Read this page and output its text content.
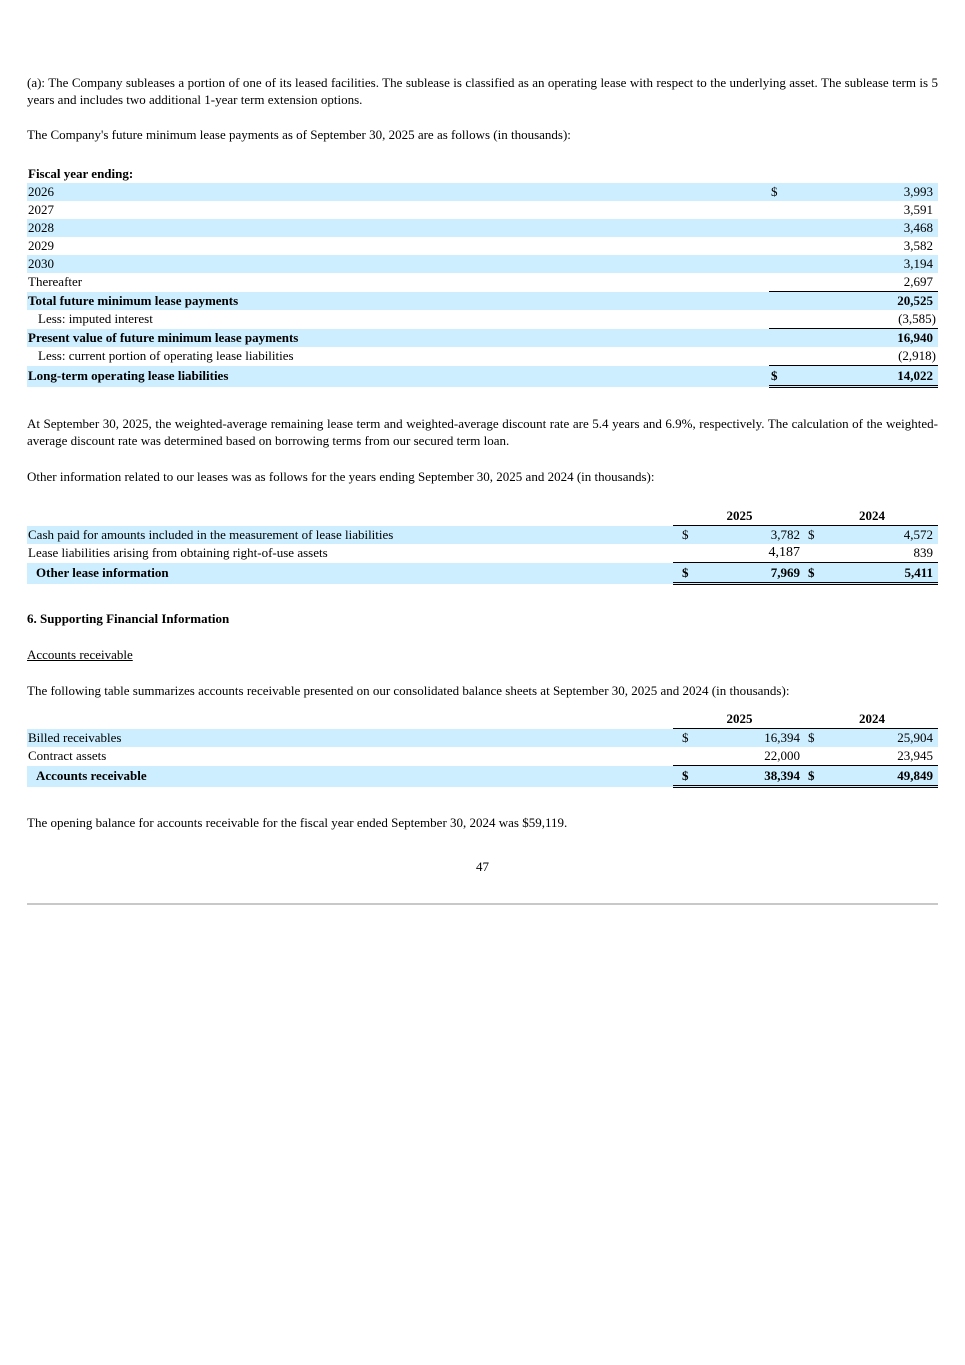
(a): The Company subleases a portion of one of its leased facilities. The sublease is classified as an operating lease with respect to the underlying asset. The sublease term is 5 years and includes two additional 1-year term extension options.

The Company's future minimum lease payments as of September 30, 2025 are as follows (in thousands):

Fiscal year ending:	
2026	$ 3,993

2027	3,591
2028	3,468
2029	3,582
2030	3,194
Thereafter	2,697
Total future minimum lease payments	20,525
Less: imputed interest	(3,585)
Present value of future minimum lease payments	16,940
Less: current portion of operating lease liabilities	(2,918)
Long-term operating lease liabilities	$ 14,022

At September 30, 2025, the weighted-average remaining lease term and weighted-average discount rate are 5.4 years and 6.9%, respectively. The calculation of the weighted-average discount rate was determined based on borrowing terms from our secured term loan.

Other information related to our leases was as follows for the years ending September 30, 2025 and 2024 (in thousands):

	2025	2024
Cash paid for amounts included in the measurement of lease liabilities	$ 3,782	$ 4,572

Lease liabilities arising from obtaining right-of-use assets	4,187	839
Other lease information	$ 7,969	$ 5,411

6. Supporting Financial Information

Accounts receivable

The following table summarizes accounts receivable presented on our consolidated balance sheets at September 30, 2025 and 2024 (in thousands):

	2025	2024
Billed receivables	$ 16,394	$ 25,904

Contract assets	22,000	23,945
Accounts receivable	$ 38,394	$ 49,849

The opening balance for accounts receivable for the fiscal year ended September 30, 2024 was $59,119.

47
